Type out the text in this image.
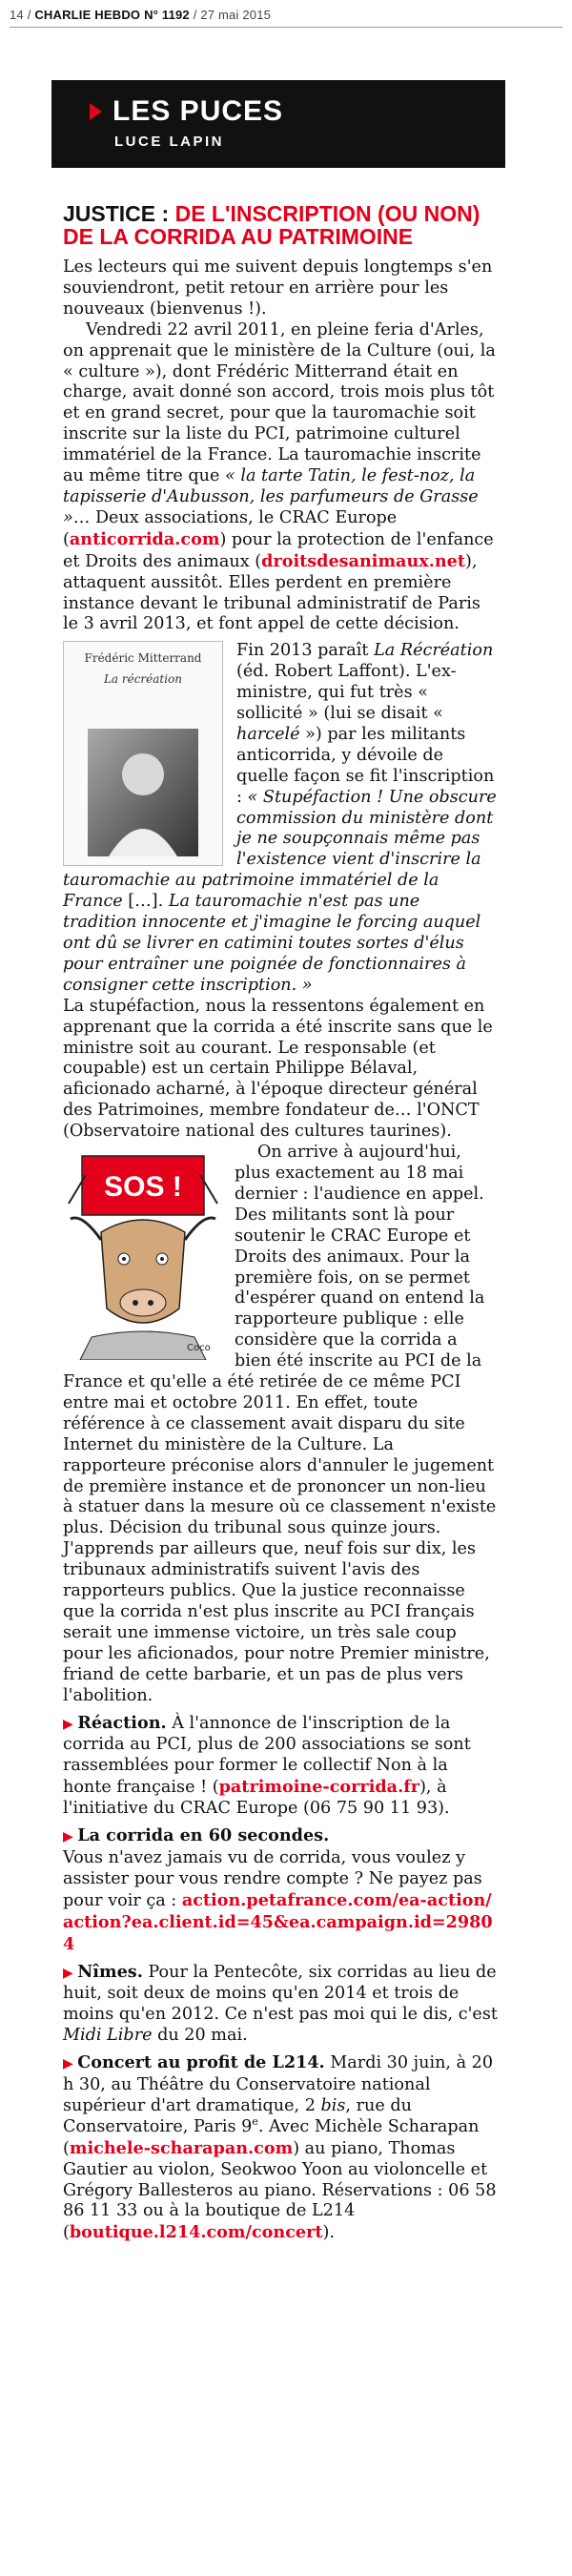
14 / CHARLIE HEBDO N° 1192 / 27 mai 2015
LES PUCES
LUCE LAPIN
JUSTICE : DE L'INSCRIPTION (OU NON) DE LA CORRIDA AU PATRIMOINE

Les lecteurs qui me suivent depuis longtemps s'en souviendront, petit retour en arrière pour les nouveaux (bienvenus !).

Vendredi 22 avril 2011, en pleine feria d'Arles, on apprenait que le ministère de la Culture (oui, la « culture »), dont Frédéric Mitterrand était en charge, avait donné son accord, trois mois plus tôt et en grand secret, pour que la tauromachie soit inscrite sur la liste du PCI, patrimoine culturel immatériel de la France. La tauromachie inscrite au même titre que « la tarte Tatin, le fest-noz, la tapisserie d'Aubusson, les parfumeurs de Grasse »… Deux associations, le CRAC Europe (anticorrida.com) pour la protection de l'enfance et Droits des animaux (droitsdesanimaux.net), attaquent aussitôt. Elles perdent en première instance devant le tribunal administratif de Paris le 3 avril 2013, et font appel de cette décision.

Frédéric Mitterrand
La récréation

Fin 2013 paraît La Récréation (éd. Robert Laffont). L'ex-ministre, qui fut très « sollicité » (lui se disait « harcelé ») par les militants anticorrida, y dévoile de quelle façon se fit l'inscription : « Stupéfaction ! Une obscure commission du ministère dont je ne soupçonnais même pas l'existence vient d'inscrire la tauromachie au patrimoine immatériel de la France […]. La tauromachie n'est pas une tradition innocente et j'imagine le forcing auquel ont dû se livrer en catimini toutes sortes d'élus pour entraîner une poignée de fonctionnaires à consigner cette inscription. »

La stupéfaction, nous la ressentons également en apprenant que la corrida a été inscrite sans que le ministre soit au courant. Le responsable (et coupable) est un certain Philippe Bélaval, aficionado acharné, à l'époque directeur général des Patrimoines, membre fondateur de… l'ONCT (Observatoire national des cultures taurines).

SOS !
Coco
On arrive à aujourd'hui, plus exactement au 18 mai dernier : l'audience en appel. Des militants sont là pour soutenir le CRAC Europe et Droits des animaux. Pour la première fois, on se permet d'espérer quand on entend la rapporteure publique : elle considère que la corrida a bien été inscrite au PCI de la France et qu'elle a été retirée de ce même PCI entre mai et octobre 2011. En effet, toute référence à ce classement avait disparu du site Internet du ministère de la Culture. La rapporteure préconise alors d'annuler le jugement de première instance et de prononcer un non-lieu à statuer dans la mesure où ce classement n'existe plus. Décision du tribunal sous quinze jours. J'apprends par ailleurs que, neuf fois sur dix, les tribunaux administratifs suivent l'avis des rapporteurs publics. Que la justice reconnaisse que la corrida n'est plus inscrite au PCI français serait une immense victoire, un très sale coup pour les aficionados, pour notre Premier ministre, friand de cette barbarie, et un pas de plus vers l'abolition.

▶ Réaction. À l'annonce de l'inscription de la corrida au PCI, plus de 200 associations se sont rassemblées pour former le collectif Non à la honte française ! (patrimoine-corrida.fr), à l'initiative du CRAC Europe (06 75 90 11 93).

▶ La corrida en 60 secondes.
Vous n'avez jamais vu de corrida, vous voulez y assister pour vous rendre compte ? Ne payez pas pour voir ça : action.petafrance.com/ea-action/action?ea.client.id=45&ea.campaign.id=29804

▶ Nîmes. Pour la Pentecôte, six corridas au lieu de huit, soit deux de moins qu'en 2014 et trois de moins qu'en 2012. Ce n'est pas moi qui le dis, c'est Midi Libre du 20 mai.

▶ Concert au profit de L214. Mardi 30 juin, à 20 h 30, au Théâtre du Conservatoire national supérieur d'art dramatique, 2 bis, rue du Conservatoire, Paris 9e. Avec Michèle Scharapan (michele-scharapan.com) au piano, Thomas Gautier au violon, Seokwoo Yoon au violoncelle et Grégory Ballesteros au piano. Réservations : 06 58 86 11 33 ou à la boutique de L214 (boutique.l214.com/concert).
